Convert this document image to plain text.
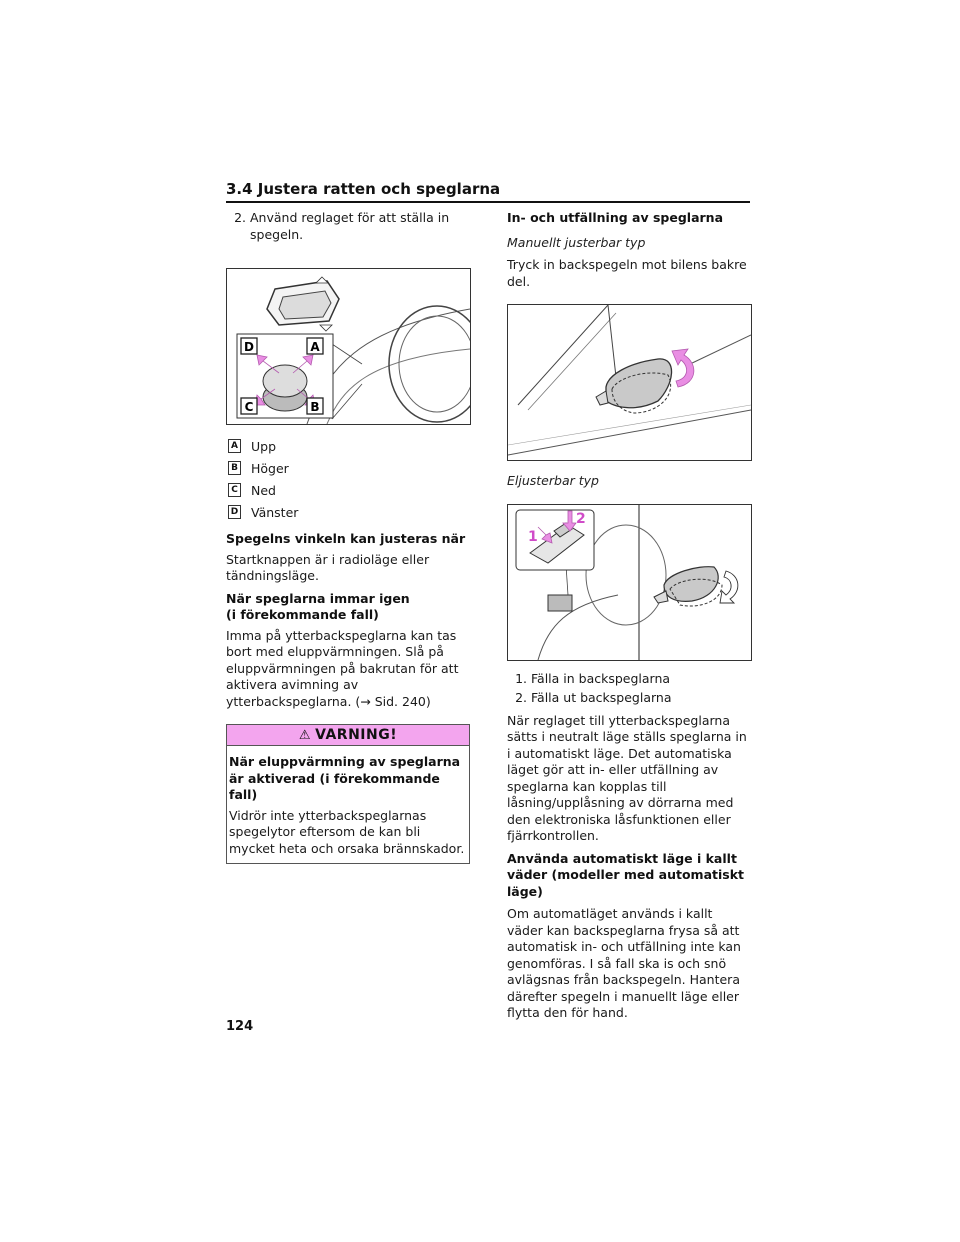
3.4 Justera ratten och speglarna
2. Använd reglaget för att ställa in spegeln.
D	A
C	B
A Upp
B Höger
C Ned
D Vänster

Spegelns vinkeln kan justeras när

Startknappen är i radioläge eller tändningsläge.

När speglarna immar igen

(i förekommande fall)

Imma på ytterbackspeglarna kan tas bort med eluppvärmningen. Slå på eluppvärmningen på bakrutan för att aktivera avimning av ytterbackspeglarna. (→ Sid. 240)

⚠ VARNING!

När eluppvärmning av speglarna är aktiverad (i förekommande fall)

Vidrör inte ytterbackspeglarnas spegelytor eftersom de kan bli mycket heta och orsaka brännskador.

In- och utfällning av speglarna

Manuellt justerbar typ

Tryck in backspegeln mot bilens bakre del.

Eljusterbar typ

1
2
1. Fälla in backspeglarna
2. Fälla ut backspeglarna

När reglaget till ytterbackspeglarna sätts i neutralt läge ställs speglarna in i automatiskt läge. Det automatiska läget gör att in- eller utfällning av speglarna kan kopplas till låsning/upplåsning av dörrarna med den elektroniska låsfunktionen eller fjärrkontrollen.

Använda automatiskt läge i kallt väder (modeller med automatiskt läge)

Om automatläget används i kallt väder kan backspeglarna frysa så att automatisk in- och utfällning inte kan genomföras. I så fall ska is och snö avlägsnas från backspegeln. Hantera därefter spegeln i manuellt läge eller flytta den för hand.

124
